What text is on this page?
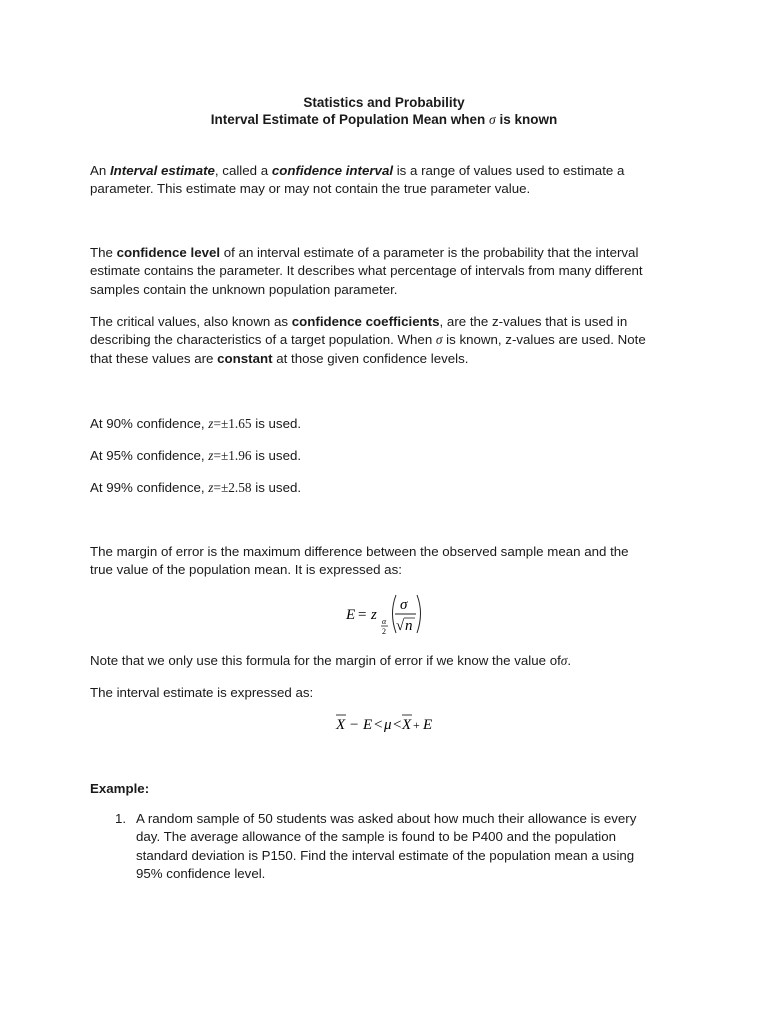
Statistics and Probability
Interval Estimate of Population Mean when σ is known
An Interval estimate, called a confidence interval is a range of values used to estimate a parameter. This estimate may or may not contain the true parameter value.
The confidence level of an interval estimate of a parameter is the probability that the interval estimate contains the parameter. It describes what percentage of intervals from many different samples contain the unknown population parameter.
The critical values, also known as confidence coefficients, are the z-values that is used in describing the characteristics of a target population. When σ is known, z-values are used. Note that these values are constant at those given confidence levels.
At 90% confidence, z=±1.65 is used.
At 95% confidence, z=±1.96 is used.
At 99% confidence, z=±2.58 is used.
The margin of error is the maximum difference between the observed sample mean and the true value of the population mean. It is expressed as:
E = z α
2
σ
√ n
Note that we only use this formula for the margin of error if we know the value ofσ.
The interval estimate is expressed as:
X − E < μ < X + E
Example:
1. A random sample of 50 students was asked about how much their allowance is every day. The average allowance of the sample is found to be P400 and the population standard deviation is P150. Find the interval estimate of the population mean a using 95% confidence level.
